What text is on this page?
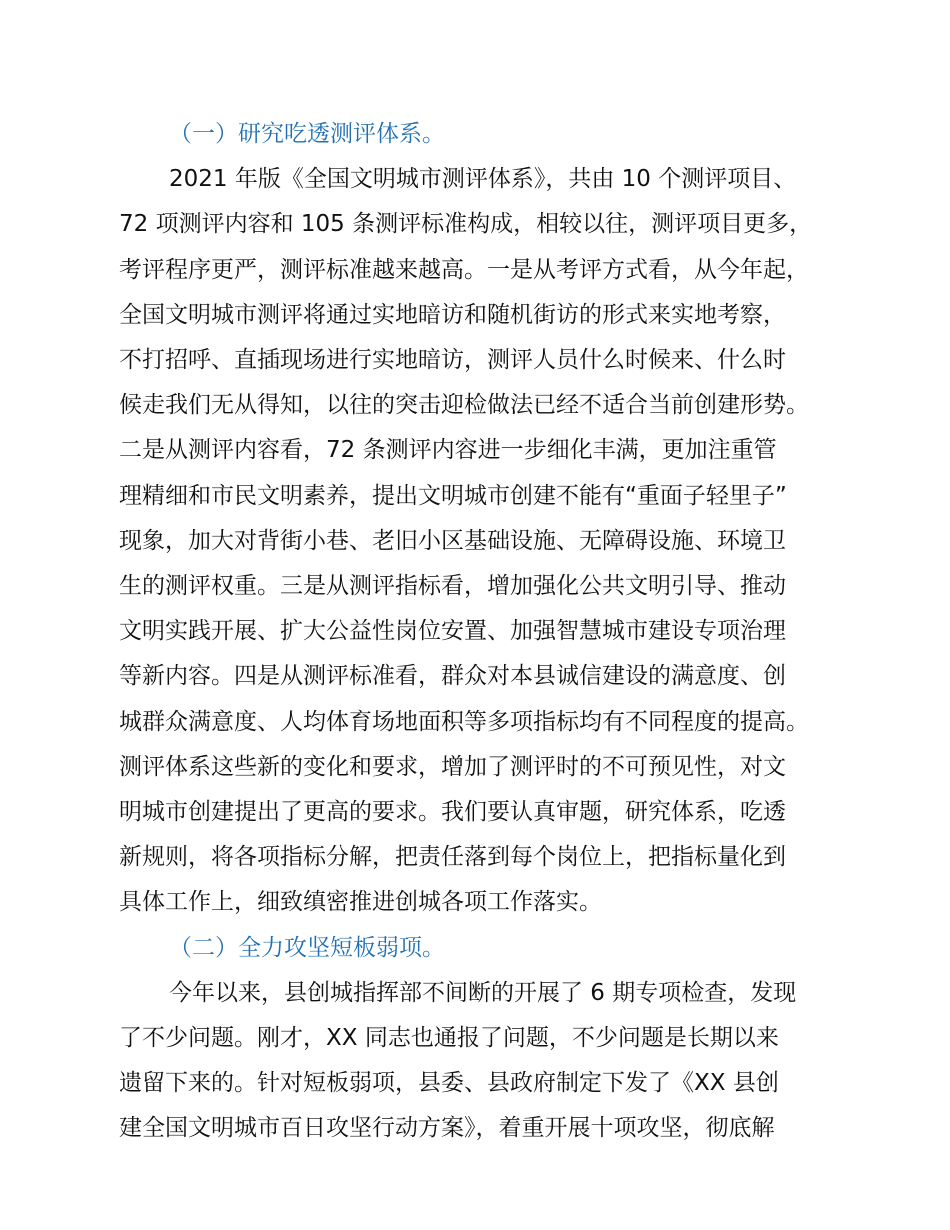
（一）研究吃透测评体系。

2021 年版《全国文明城市测评体系》，共由 10 个测评项目、
72 项测评内容和 105 条测评标准构成，相较以往，测评项目更多，
考评程序更严，测评标准越来越高。一是从考评方式看，从今年起，
全国文明城市测评将通过实地暗访和随机街访的形式来实地考察，
不打招呼、直插现场进行实地暗访，测评人员什么时候来、什么时
候走我们无从得知，以往的突击迎检做法已经不适合当前创建形势。
二是从测评内容看，72 条测评内容进一步细化丰满，更加注重管
理精细和市民文明素养，提出文明城市创建不能有“重面子轻里子”
现象，加大对背街小巷、老旧小区基础设施、无障碍设施、环境卫
生的测评权重。三是从测评指标看，增加强化公共文明引导、推动
文明实践开展、扩大公益性岗位安置、加强智慧城市建设专项治理
等新内容。四是从测评标准看，群众对本县诚信建设的满意度、创
城群众满意度、人均体育场地面积等多项指标均有不同程度的提高。
测评体系这些新的变化和要求，增加了测评时的不可预见性，对文
明城市创建提出了更高的要求。我们要认真审题，研究体系，吃透
新规则，将各项指标分解，把责任落到每个岗位上，把指标量化到
具体工作上，细致缜密推进创城各项工作落实。

（二）全力攻坚短板弱项。

今年以来，县创城指挥部不间断的开展了 6 期专项检查，发现
了不少问题。刚才，XX 同志也通报了问题，不少问题是长期以来
遗留下来的。针对短板弱项，县委、县政府制定下发了《XX 县创
建全国文明城市百日攻坚行动方案》，着重开展十项攻坚，彻底解
